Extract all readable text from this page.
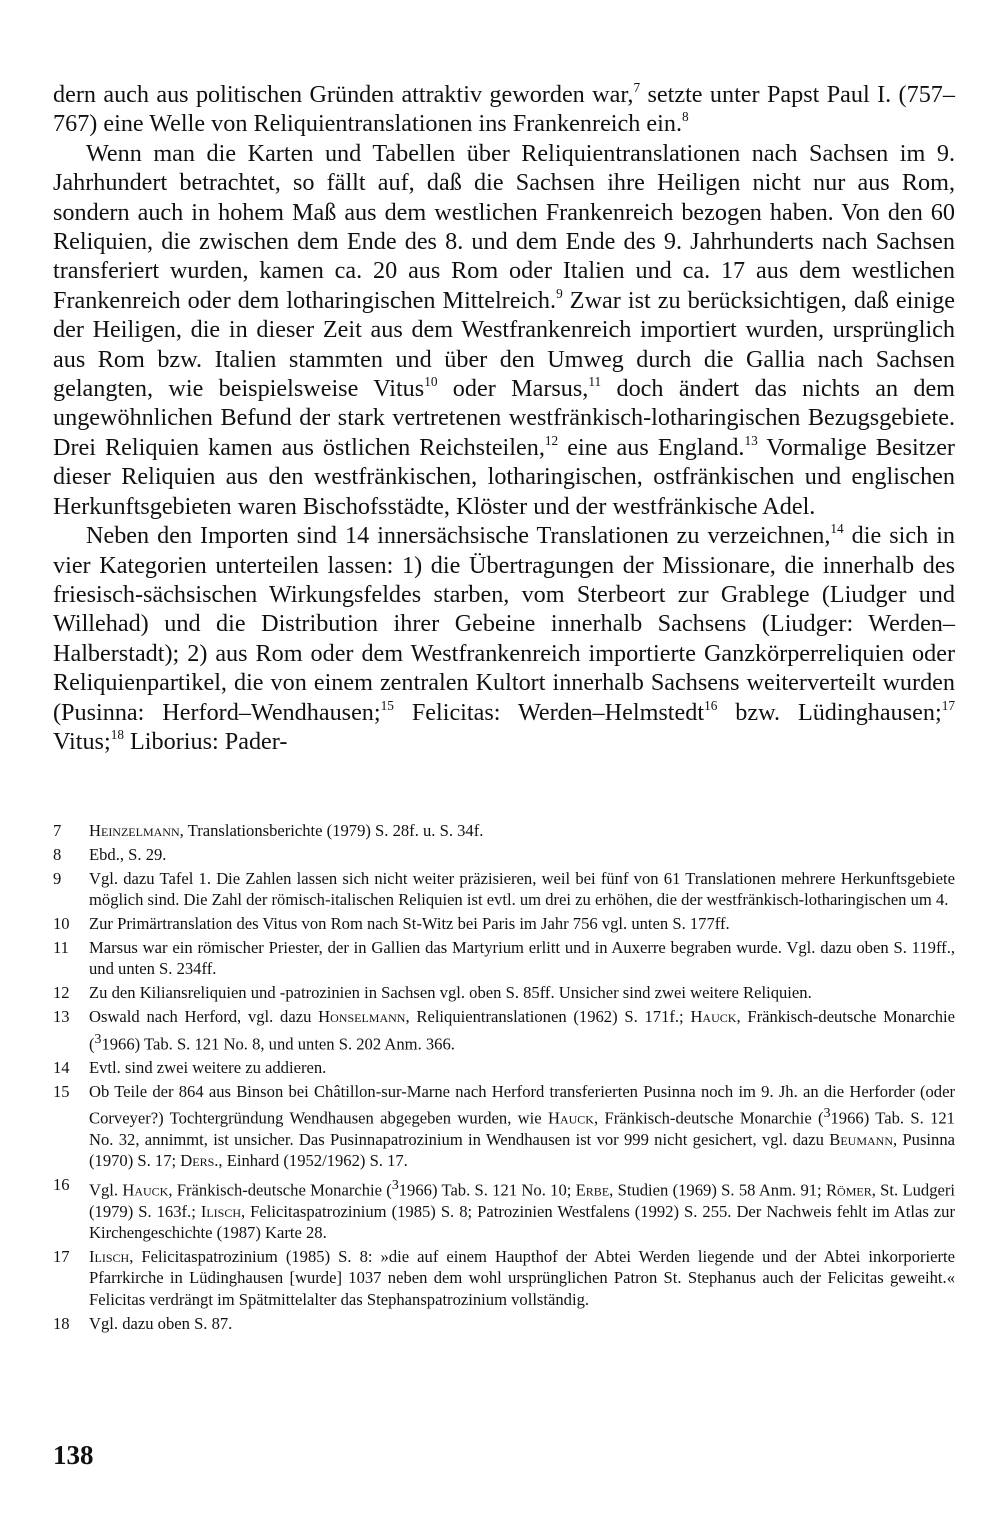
dern auch aus politischen Gründen attraktiv geworden war,$^7$ setzte unter Papst Paul I. (757–767) eine Welle von Reliquientranslationen ins Frankenreich ein.$^8$

Wenn man die Karten und Tabellen über Reliquientranslationen nach Sachsen im 9. Jahrhundert betrachtet, so fällt auf, daß die Sachsen ihre Heiligen nicht nur aus Rom, sondern auch in hohem Maß aus dem westlichen Frankenreich bezogen haben. Von den 60 Reliquien, die zwischen dem Ende des 8. und dem Ende des 9. Jahrhunderts nach Sachsen transferiert wurden, kamen ca. 20 aus Rom oder Italien und ca. 17 aus dem westlichen Frankenreich oder dem lotharingischen Mittelreich.$^9$ Zwar ist zu berücksichtigen, daß einige der Heiligen, die in dieser Zeit aus dem Westfrankenreich importiert wurden, ursprünglich aus Rom bzw. Italien stammten und über den Umweg durch die Gallia nach Sachsen gelangten, wie beispielsweise Vitus$^{10}$ oder Marsus,$^{11}$ doch ändert das nichts an dem ungewöhnlichen Befund der stark vertretenen westfränkisch-lotharingischen Bezugsgebiete. Drei Reliquien kamen aus östlichen Reichsteilen,$^{12}$ eine aus England.$^{13}$ Vormalige Besitzer dieser Reliquien aus den westfränkischen, lotharingischen, ostfränkischen und englischen Herkunftsgebieten waren Bischofsstädte, Klöster und der westfränkische Adel.

Neben den Importen sind 14 innersächsische Translationen zu verzeichnen,$^{14}$ die sich in vier Kategorien unterteilen lassen: 1) die Übertragungen der Missionare, die innerhalb des friesisch-sächsischen Wirkungsfeldes starben, vom Sterbeort zur Grablege (Liudger und Willehad) und die Distribution ihrer Gebeine innerhalb Sachsens (Liudger: Werden–Halberstadt); 2) aus Rom oder dem Westfrankenreich importierte Ganzkörperreliquien oder Reliquienpartikel, die von einem zentralen Kultort innerhalb Sachsens weiterverteilt wurden (Pusinna: Herford–Wendhausen;$^{15}$ Felicitas: Werden–Helmstedt$^{16}$ bzw. Lüdinghausen;$^{17}$ Vitus;$^{18}$ Liborius: Pader-

7	Heinzelmann, Translationsberichte (1979) S. 28f. u. S. 34f.
8	Ebd., S. 29.
9	Vgl. dazu Tafel 1. Die Zahlen lassen sich nicht weiter präzisieren, weil bei fünf von 61 Translationen mehrere Herkunftsgebiete möglich sind. Die Zahl der römisch-italischen Reliquien ist evtl. um drei zu erhöhen, die der westfränkisch-lotharingischen um 4.
10	Zur Primärtranslation des Vitus von Rom nach St-Witz bei Paris im Jahr 756 vgl. unten S. 177ff.
11	Marsus war ein römischer Priester, der in Gallien das Martyrium erlitt und in Auxerre begraben wurde. Vgl. dazu oben S. 119ff., und unten S. 234ff.
12	Zu den Kiliansreliquien und -patrozinien in Sachsen vgl. oben S. 85ff. Unsicher sind zwei weitere Reliquien.
13	Oswald nach Herford, vgl. dazu Honselmann, Reliquientranslationen (1962) S. 171f.; Hauck, Fränkisch-deutsche Monarchie ($^3$1966) Tab. S. 121 No. 8, und unten S. 202 Anm. 366.
14	Evtl. sind zwei weitere zu addieren.
15	Ob Teile der 864 aus Binson bei Châtillon-sur-Marne nach Herford transferierten Pusinna noch im 9. Jh. an die Herforder (oder Corveyer?) Tochtergründung Wendhausen abgegeben wurden, wie Hauck, Fränkisch-deutsche Monarchie ($^3$1966) Tab. S. 121 No. 32, annimmt, ist unsicher. Das Pusinnapatrozinium in Wendhausen ist vor 999 nicht gesichert, vgl. dazu Beumann, Pusinna (1970) S. 17; Ders., Einhard (1952/1962) S. 17.
16	Vgl. Hauck, Fränkisch-deutsche Monarchie ($^3$1966) Tab. S. 121 No. 10; Erbe, Studien (1969) S. 58 Anm. 91; Römer, St. Ludgeri (1979) S. 163f.; Ilisch, Felicitaspatrozinium (1985) S. 8; Patrozinien Westfalens (1992) S. 255. Der Nachweis fehlt im Atlas zur Kirchengeschichte (1987) Karte 28.
17	Ilisch, Felicitaspatrozinium (1985) S. 8: »die auf einem Haupthof der Abtei Werden liegende und der Abtei inkorporierte Pfarrkirche in Lüdinghausen [wurde] 1037 neben dem wohl ursprünglichen Patron St. Stephanus auch der Felicitas geweiht.« Felicitas verdrängt im Spätmittelalter das Stephanspatrozinium vollständig.
18	Vgl. dazu oben S. 87.
138
